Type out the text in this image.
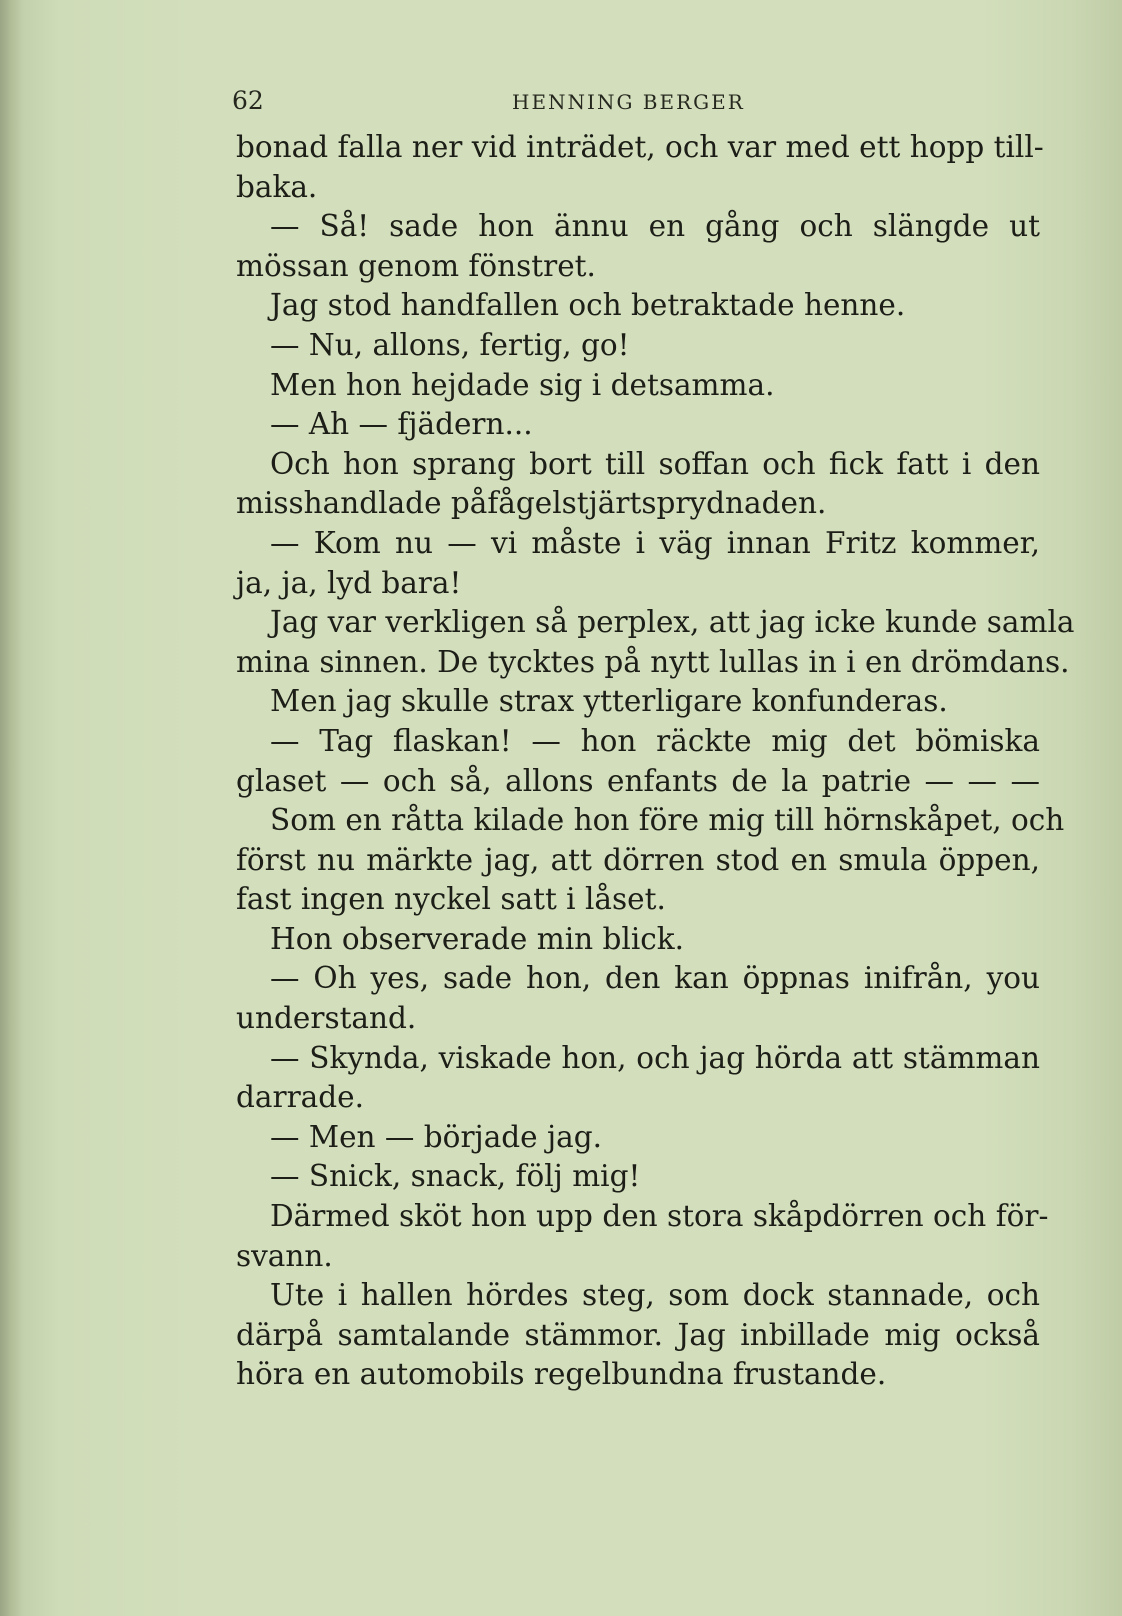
62	HENNING BERGER
bonad falla ner vid inträdet, och var med ett hopp till-
baka.
— Så! sade hon ännu en gång och slängde ut
mössan genom fönstret.
Jag stod handfallen och betraktade henne.
— Nu, allons, fertig, go!
Men hon hejdade sig i detsamma.
— Ah — fjädern...
Och hon sprang bort till soffan och fick fatt i den
misshandlade påfågelstjärtsprydnaden.
— Kom nu — vi måste i väg innan Fritz kommer,
ja, ja, lyd bara!
Jag var verkligen så perplex, att jag icke kunde samla
mina sinnen. De tycktes på nytt lullas in i en drömdans.
Men jag skulle strax ytterligare konfunderas.
— Tag flaskan! — hon räckte mig det bömiska
glaset — och så, allons enfants de la patrie — — —
Som en råtta kilade hon före mig till hörnskåpet, och
först nu märkte jag, att dörren stod en smula öppen,
fast ingen nyckel satt i låset.
Hon observerade min blick.
— Oh yes, sade hon, den kan öppnas inifrån, you
understand.
— Skynda, viskade hon, och jag hörda att stämman
darrade.
— Men — började jag.
— Snick, snack, följ mig!
Därmed sköt hon upp den stora skåpdörren och för-
svann.
Ute i hallen hördes steg, som dock stannade, och
därpå samtalande stämmor. Jag inbillade mig också
höra en automobils regelbundna frustande.
